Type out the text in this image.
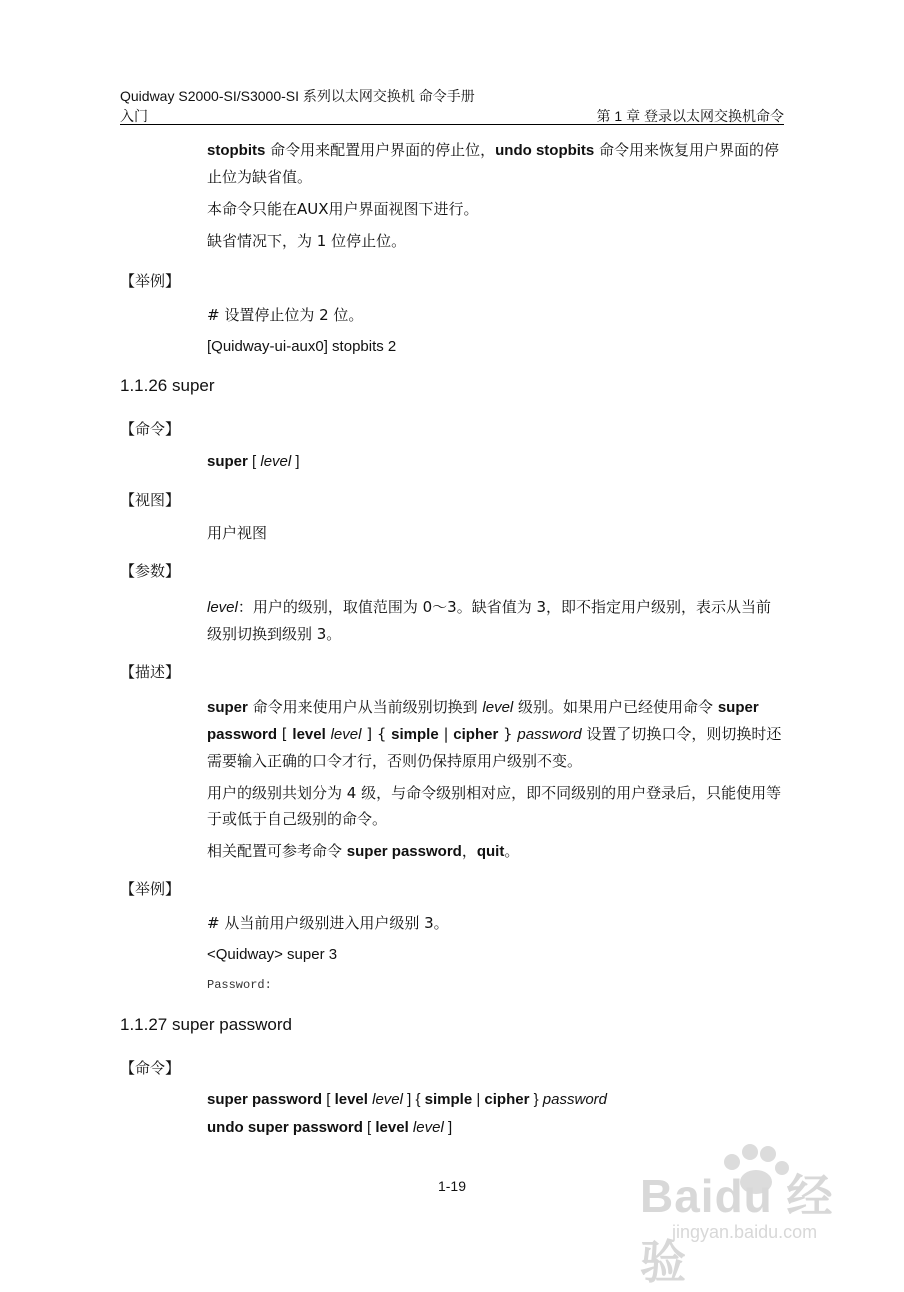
Quidway S2000-SI/S3000-SI 系列以太网交换机 命令手册
入门	第 1 章 登录以太网交换机命令

stopbits 命令用来配置用户界面的停止位，undo stopbits 命令用来恢复用户界面的停止位为缺省值。

本命令只能在AUX用户界面视图下进行。

缺省情况下，为 1 位停止位。

【举例】

# 设置停止位为 2 位。

[Quidway-ui-aux0] stopbits 2

1.1.26 super
【命令】

super [ level ]

【视图】
用户视图
【参数】

level：用户的级别，取值范围为 0～3。缺省值为 3，即不指定用户级别，表示从当前级别切换到级别 3。

【描述】

super 命令用来使用户从当前级别切换到 level 级别。如果用户已经使用命令 super password [ level level ] { simple | cipher } password 设置了切换口令，则切换时还需要输入正确的口令才行，否则仍保持原用户级别不变。

用户的级别共划分为 4 级，与命令级别相对应，即不同级别的用户登录后，只能使用等于或低于自己级别的命令。

相关配置可参考命令 super password，quit。

【举例】

# 从当前用户级别进入用户级别 3。

<Quidway> super 3

Password:

1.1.27 super password
【命令】

super password [ level level ] { simple | cipher } password

undo super password [ level level ]

1-19	Baidu 经验
jingyan.baidu.com
